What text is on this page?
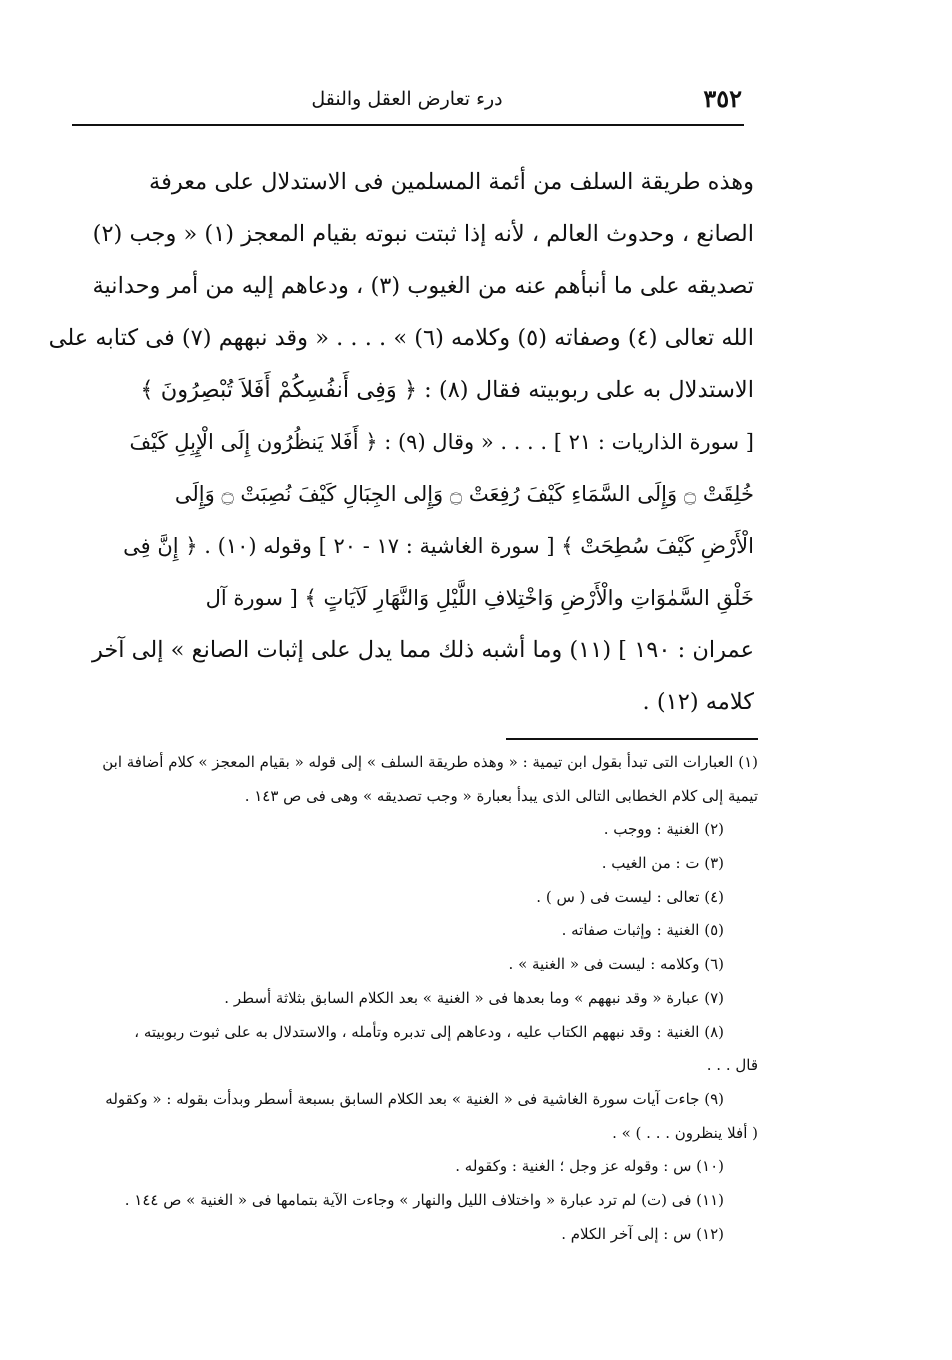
٣٥٢
درء تعارض العقل والنقل
وهذه طريقة السلف من أئمة المسلمين فى الاستدلال على معرفة
الصانع ، وحدوث العالم ، لأنه إذا ثبتت نبوته بقيام المعجز (١) « وجب (٢)
تصديقه على ما أنبأهم عنه من الغيوب (٣) ، ودعاهم إليه من أمر وحدانية
الله تعالى (٤) وصفاته (٥) وكلامه (٦) » . . . . « وقد نبههم (٧) فى كتابه على
الاستدلال به على ربوبيته فقال (٨) : ﴿ وَفِى أَنفُسِكُمْ أَفَلاَ تُبْصِرُونَ ﴾
[ سورة الذاريات : ٢١ ] . . . . « وقال (٩) : ﴿ أَفَلا يَنظُرُون إِلَى الْإِبِلِ كَيْفَ
خُلِقَتْ ۝ وَإِلَى السَّمَاءِ كَيْفَ رُفِعَتْ ۝ وَإِلى الجِبَالِ كَيْفَ نُصِبَتْ ۝ وَإِلَى
الْأَرْضِ كَيْفَ سُطِحَتْ ﴾ [ سورة الغاشية : ١٧ - ٢٠ ] وقوله (١٠) . ﴿ إِنَّ فِى
خَلْقِ السَّمٰوَاتِ والْأَرْضِ وَاخْتِلافِ اللَّيْلِ وَالنَّهَارِ لَآيَاتٍ ﴾ [ سورة آل
عمران : ١٩٠ ] (١١) وما أشبه ذلك مما يدل على إثبات الصانع » إلى آخر
كلامه (١٢) .
(١) العبارات التى تبدأ بقول ابن تيمية : « وهذه طريقة السلف » إلى قوله « بقيام المعجز » كلام أضافة ابن
تيمية إلى كلام الخطابى التالى الذى يبدأ بعبارة « وجب تصديقه » وهى فى ص ١٤٣ .
(٢) الغنية : ووجب .
(٣) ت : من الغيب .
(٤) تعالى : ليست فى ( س ) .
(٥) الغنية : وإثبات صفاته .
(٦) وكلامه : ليست فى « الغنية » .
(٧) عبارة « وقد نبههم » وما بعدها فى « الغنية » بعد الكلام السابق بثلاثة أسطر .
(٨) الغنية : وقد نبههم الكتاب عليه ، ودعاهم إلى تدبره وتأمله ، والاستدلال به على ثبوت ربوبيته ،
قال . . .
(٩) جاءت آيات سورة الغاشية فى « الغنية » بعد الكلام السابق بسبعة أسطر وبدأت بقوله : « وكقوله
( أفلا ينظرون . . . ) » .
(١٠) س : وقوله عز وجل ؛ الغنية : وكقوله .
(١١) فى (ت) لم ترد عبارة « واختلاف الليل والنهار » وجاءت الآية بتمامها فى « الغنية » ص ١٤٤ .
(١٢) س : إلى آخر الكلام .
